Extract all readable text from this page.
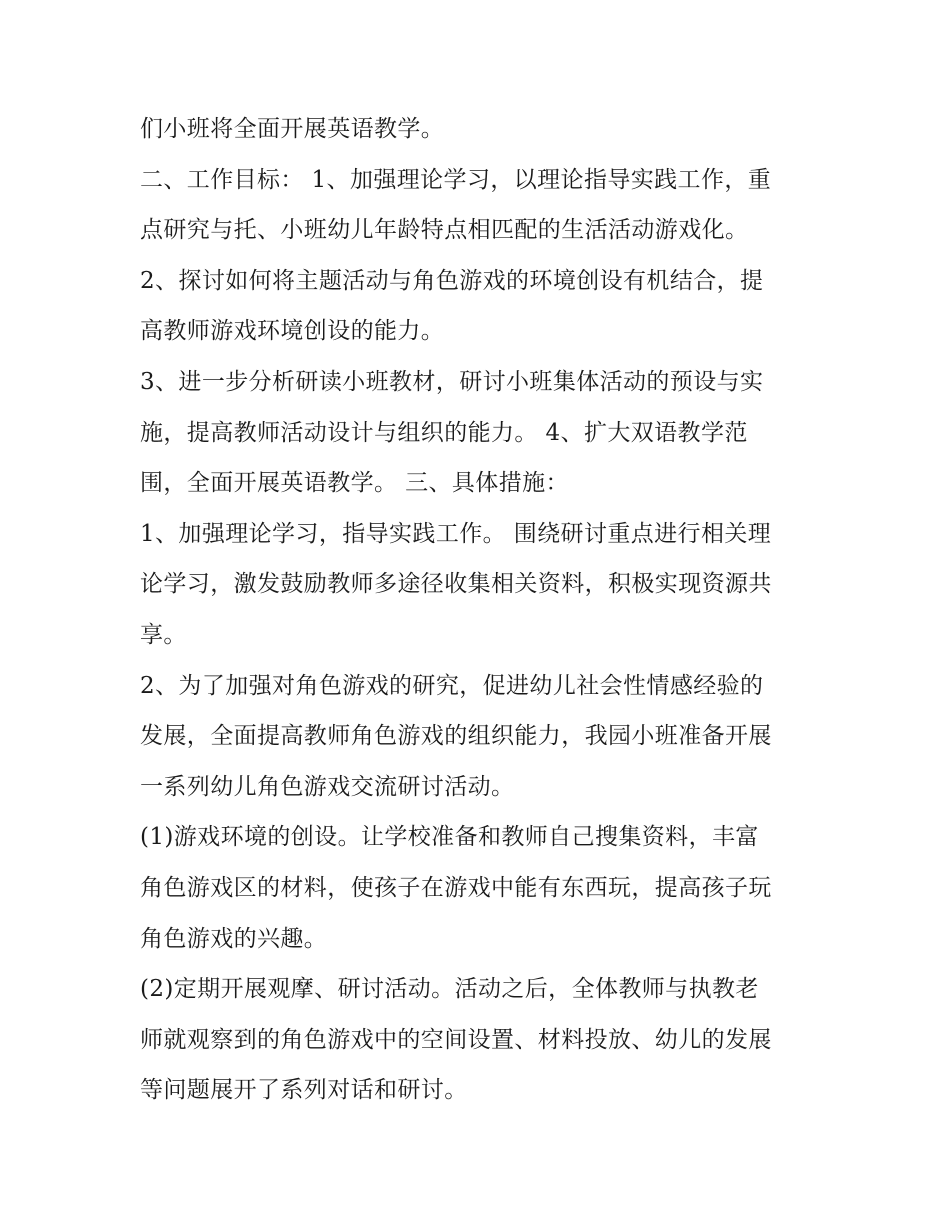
们小班将全面开展英语教学。
二、工作目标： 1、加强理论学习，以理论指导实践工作，重
点研究与托、小班幼儿年龄特点相匹配的生活活动游戏化。
2、探讨如何将主题活动与角色游戏的环境创设有机结合，提
高教师游戏环境创设的能力。
3、进一步分析研读小班教材，研讨小班集体活动的预设与实
施，提高教师活动设计与组织的能力。 4、扩大双语教学范
围，全面开展英语教学。 三、具体措施：
1、加强理论学习，指导实践工作。 围绕研讨重点进行相关理
论学习，激发鼓励教师多途径收集相关资料，积极实现资源共
享。
2、为了加强对角色游戏的研究，促进幼儿社会性情感经验的
发展，全面提高教师角色游戏的组织能力，我园小班准备开展
一系列幼儿角色游戏交流研讨活动。
(1)游戏环境的创设。让学校准备和教师自己搜集资料，丰富
角色游戏区的材料，使孩子在游戏中能有东西玩，提高孩子玩
角色游戏的兴趣。
(2)定期开展观摩、研讨活动。活动之后，全体教师与执教老
师就观察到的角色游戏中的空间设置、材料投放、幼儿的发展
等问题展开了系列对话和研讨。
